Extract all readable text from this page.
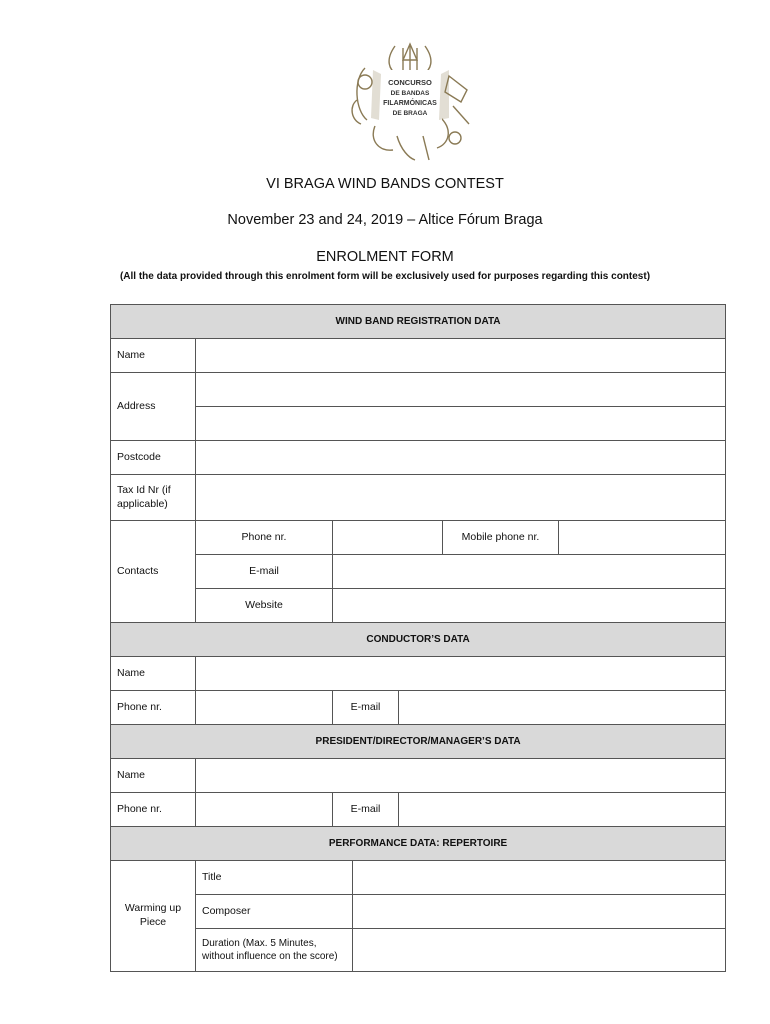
CONCURSO
DE BANDAS
FILARMÓNICAS
DE BRAGA
VI BRAGA WIND BANDS CONTEST
November 23 and 24, 2019 – Altice Fórum Braga
ENROLMENT FORM
(All the data provided through this enrolment form will be exclusively used for purposes regarding this contest)
WIND BAND REGISTRATION DATA						
Name						
Address						

Postcode						
Tax Id Nr (if applicable)						
Contacts	Phone nr.				Mobile phone nr.	
	E-mail					
	Website					
CONDUCTOR’S DATA						
Name						
Phone nr.		E-mail				
PRESIDENT/DIRECTOR/MANAGER’S DATA						
Name						
Phone nr.		E-mail				
PERFORMANCE DATA: REPERTOIRE						
Warming up Piece	Title					
	Composer					
	Duration (Max. 5 Minutes, without influence on the score)					
